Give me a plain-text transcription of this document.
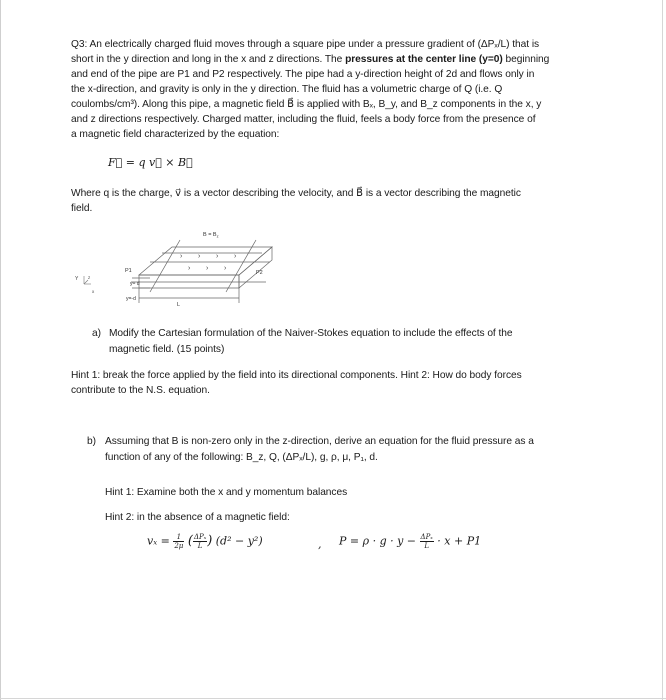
Q3: An electrically charged fluid moves through a square pipe under a pressure gradient of (ΔPₓ/L) that is
short in the y direction and long in the x and z directions. The pressures at the center line (y=0) beginning
and end of the pipe are P1 and P2 respectively. The pipe had a y-direction height of 2d and flows only in
the x-direction, and gravity is only in the y direction. The fluid has a volumetric charge of Q (i.e. Q
coulombs/cm³). Along this pipe, a magnetic field B⃗ is applied with Bₓ, B_y, and B_z components in the x, y
and z directions respectively. Charged matter, including the fluid, feels a body force from the presence of
a magnetic field characterized by the equation:
F⃗ = q v⃗ × B⃗
Where q is the charge, v⃗ is a vector describing the velocity, and B⃗ is a vector describing the magnetic
field.
› › › ›
› › ›
$B = B_z$
P1	P2
y= d
y=-d
L
Y z
x
a) Modify the Cartesian formulation of the Naiver-Stokes equation to include the effects of the
magnetic field. (15 points)
Hint 1: break the force applied by the field into its directional components. Hint 2: How do body forces
contribute to the N.S. equation.
b) Assuming that B is non-zero only in the z-direction, derive an equation for the fluid pressure as a
function of any of the following: B_z, Q, (ΔPₓ/L), g, ρ, μ, P₁, d.
Hint 1: Examine both the x and y momentum balances
Hint 2: in the absence of a magnetic field:
$v_x = \frac{1}{2\mu}$ ( $\frac{\text{ΔPₓ}}{L}$ ) (d² − y²)	, $P = \rho \cdot g \cdot y - \frac{\text{ΔPₓ}}{L} \cdot x + P1$
